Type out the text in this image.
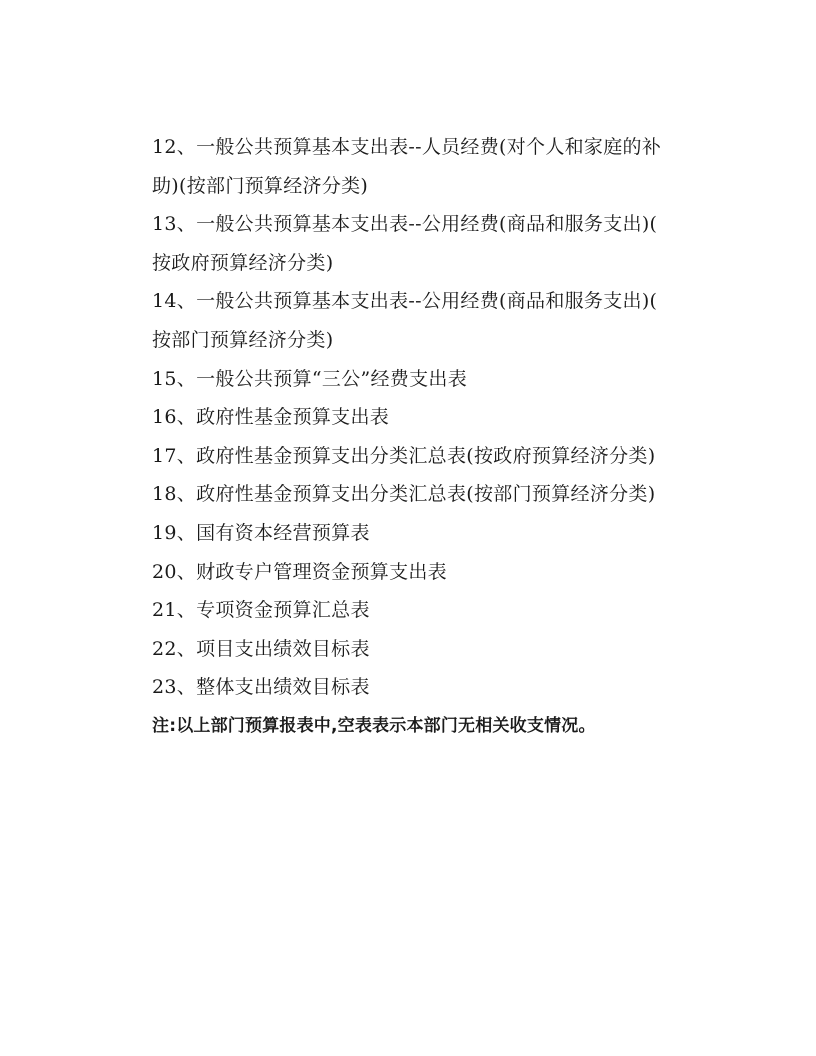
12、一般公共预算基本支出表--人员经费(对个人和家庭的补
助)(按部门预算经济分类)

13、一般公共预算基本支出表--公用经费(商品和服务支出)(
按政府预算经济分类)

14、一般公共预算基本支出表--公用经费(商品和服务支出)(
按部门预算经济分类)

15、一般公共预算“三公”经费支出表

16、政府性基金预算支出表

17、政府性基金预算支出分类汇总表(按政府预算经济分类)

18、政府性基金预算支出分类汇总表(按部门预算经济分类)

19、国有资本经营预算表

20、财政专户管理资金预算支出表

21、专项资金预算汇总表

22、项目支出绩效目标表

23、整体支出绩效目标表

注:以上部门预算报表中,空表表示本部门无相关收支情况。
